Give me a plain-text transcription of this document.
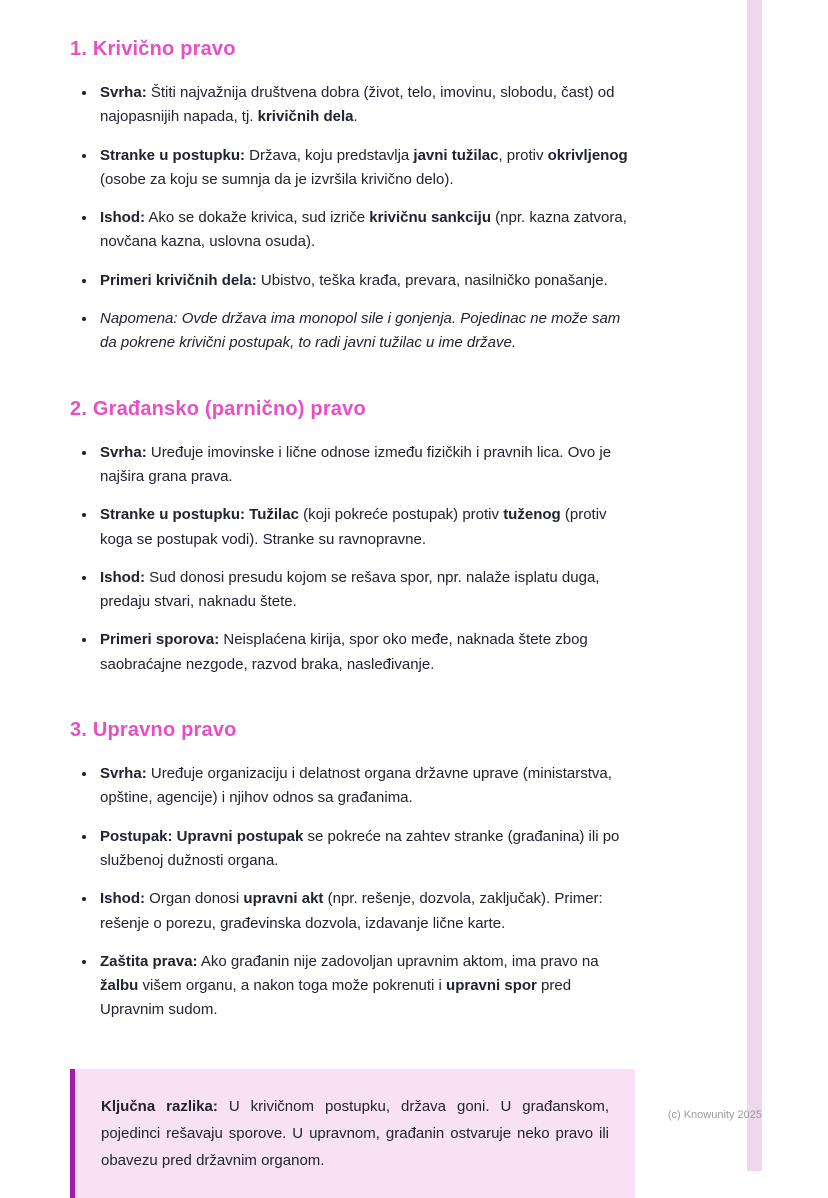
1. Krivično pravo
• Svrha: Štiti najvažnija društvena dobra (život, telo, imovinu, slobodu, čast) od najopasnijih napada, tj. krivičnih dela.
• Stranke u postupku: Država, koju predstavlja javni tužilac, protiv okrivljenog (osobe za koju se sumnja da je izvršila krivično delo).
• Ishod: Ako se dokaže krivica, sud izriče krivičnu sankciju (npr. kazna zatvora, novčana kazna, uslovna osuda).
• Primeri krivičnih dela: Ubistvo, teška krađa, prevara, nasilničko ponašanje.
• Napomena: Ovde država ima monopol sile i gonjenja. Pojedinac ne može sam da pokrene krivični postupak, to radi javni tužilac u ime države.
2. Građansko (parnično) pravo
• Svrha: Uređuje imovinske i lične odnose između fizičkih i pravnih lica. Ovo je najšira grana prava.
• Stranke u postupku: Tužilac (koji pokreće postupak) protiv tuženog (protiv koga se postupak vodi). Stranke su ravnopravne.
• Ishod: Sud donosi presudu kojom se rešava spor, npr. nalaže isplatu duga, predaju stvari, naknadu štete.
• Primeri sporova: Neisplaćena kirija, spor oko međe, naknada štete zbog saobraćajne nezgode, razvod braka, nasleđivanje.
3. Upravno pravo
• Svrha: Uređuje organizaciju i delatnost organa državne uprave (ministarstva, opštine, agencije) i njihov odnos sa građanima.
• Postupak: Upravni postupak se pokreće na zahtev stranke (građanina) ili po službenoj dužnosti organa.
• Ishod: Organ donosi upravni akt (npr. rešenje, dozvola, zaključak). Primer: rešenje o porezu, građevinska dozvola, izdavanje lične karte.
• Zaštita prava: Ako građanin nije zadovoljan upravnim aktom, ima pravo na žalbu višem organu, a nakon toga može pokrenuti i upravni spor pred Upravnim sudom.

Ključna razlika: U krivičnom postupku, država goni. U građanskom, pojedinci rešavaju sporove. U upravnom, građanin ostvaruje neko pravo ili obavezu pred državnim organom.

(c) Knowunity 2025
